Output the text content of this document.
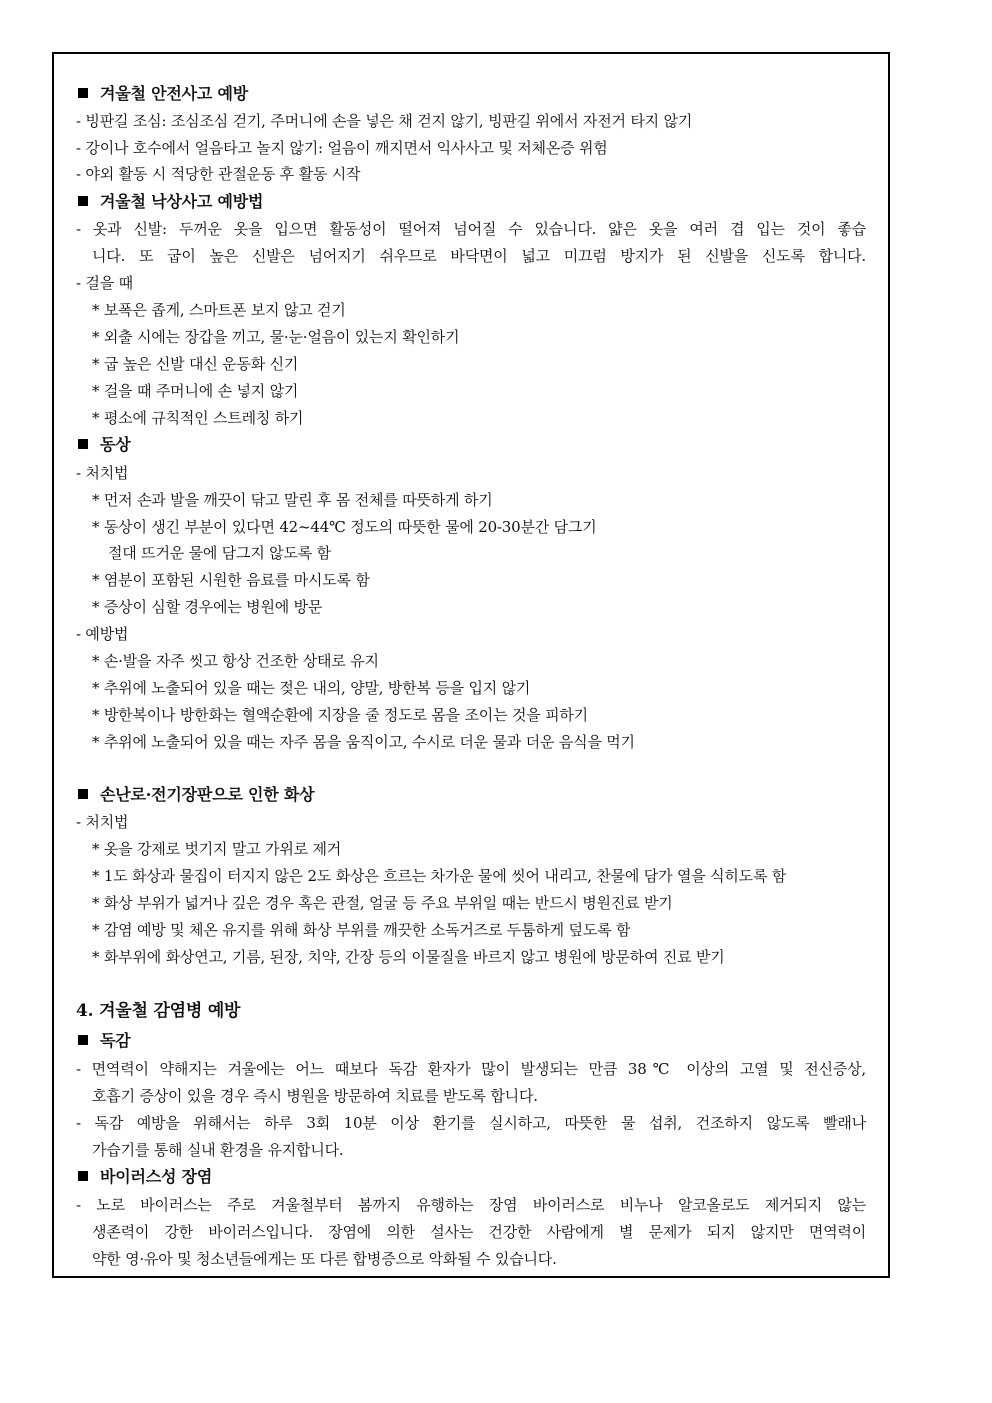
겨울철 안전사고 예방
- 빙판길 조심: 조심조심 걷기, 주머니에 손을 넣은 채 걷지 않기, 빙판길 위에서 자전거 타지 않기
- 강이나 호수에서 얼음타고 놀지 않기: 얼음이 깨지면서 익사사고 및 저체온증 위험
- 야외 활동 시 적당한 관절운동 후 활동 시작
겨울철 낙상사고 예방법
- 옷과 신발: 두꺼운 옷을 입으면 활동성이 떨어져 넘어질 수 있습니다. 얇은 옷을 여러 겹 입는 것이 좋습
니다. 또 굽이 높은 신발은 넘어지기 쉬우므로 바닥면이 넓고 미끄럼 방지가 된 신발을 신도록 합니다.
- 걸을 때
* 보폭은 좁게, 스마트폰 보지 않고 걷기
* 외출 시에는 장갑을 끼고, 물·눈·얼음이 있는지 확인하기
* 굽 높은 신발 대신 운동화 신기
* 걸을 때 주머니에 손 넣지 않기
* 평소에 규칙적인 스트레칭 하기
동상
- 처치법
* 먼저 손과 발을 깨끗이 닦고 말린 후 몸 전체를 따뜻하게 하기
* 동상이 생긴 부분이 있다면 42~44℃ 정도의 따뜻한 물에 20-30분간 담그기
절대 뜨거운 물에 담그지 않도록 함
* 염분이 포함된 시원한 음료를 마시도록 함
* 증상이 심할 경우에는 병원에 방문
- 예방법
* 손·발을 자주 씻고 항상 건조한 상태로 유지
* 추위에 노출되어 있을 때는 젖은 내의, 양말, 방한복 등을 입지 않기
* 방한복이나 방한화는 혈액순환에 지장을 줄 정도로 몸을 조이는 것을 피하기
* 추위에 노출되어 있을 때는 자주 몸을 움직이고, 수시로 더운 물과 더운 음식을 먹기
손난로·전기장판으로 인한 화상
- 처치법
* 옷을 강제로 벗기지 말고 가위로 제거
* 1도 화상과 물집이 터지지 않은 2도 화상은 흐르는 차가운 물에 씻어 내리고, 찬물에 담가 열을 식히도록 함
* 화상 부위가 넓거나 깊은 경우 혹은 관절, 얼굴 등 주요 부위일 때는 반드시 병원진료 받기
* 감염 예방 및 체온 유지를 위해 화상 부위를 깨끗한 소독거즈로 두툼하게 덮도록 함
* 화부위에 화상연고, 기름, 된장, 치약, 간장 등의 이물질을 바르지 않고 병원에 방문하여 진료 받기
4. 겨울철 감염병 예방
독감
- 면역력이 약해지는 겨울에는 어느 때보다 독감 환자가 많이 발생되는 만큼 38℃ 이상의 고열 및 전신증상,
호흡기 증상이 있을 경우 즉시 병원을 방문하여 치료를 받도록 합니다.
- 독감 예방을 위해서는 하루 3회 10분 이상 환기를 실시하고, 따뜻한 물 섭취, 건조하지 않도록 빨래나
가습기를 통해 실내 환경을 유지합니다.
바이러스성 장염
- 노로 바이러스는 주로 겨울철부터 봄까지 유행하는 장염 바이러스로 비누나 알코올로도 제거되지 않는
생존력이 강한 바이러스입니다. 장염에 의한 설사는 건강한 사람에게 별 문제가 되지 않지만 면역력이
약한 영·유아 및 청소년들에게는 또 다른 합병증으로 악화될 수 있습니다.
